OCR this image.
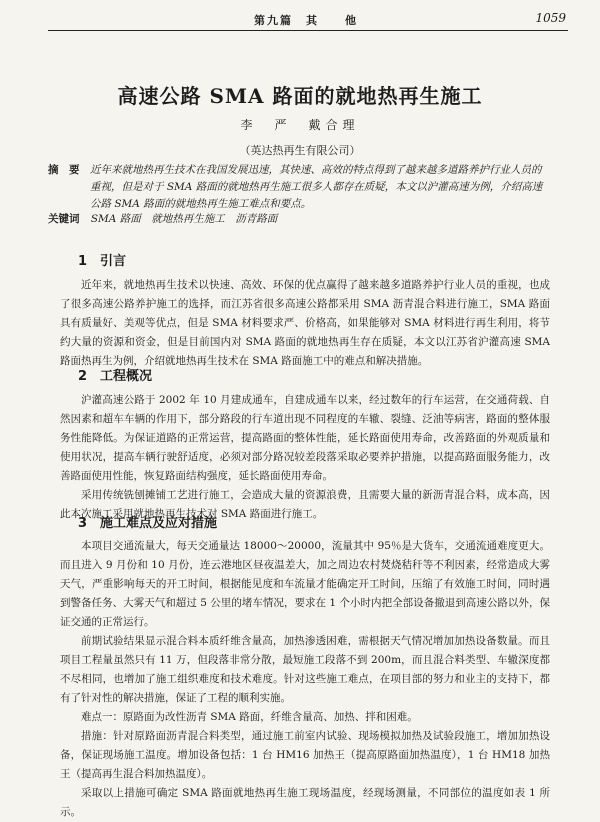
第九篇　其　　他	1059
高速公路 SMA 路面的就地热再生施工
李　严　戴合理
（英达热再生有限公司）
摘　要 近年来就地热再生技术在我国发展迅速，其快速、高效的特点得到了越来越多道路养护行业人员的重视，但是对于 SMA 路面的就地热再生施工很多人都存在质疑，本文以沪灌高速为例，介绍高速公路 SMA 路面的就地热再生施工难点和要点。
关键词 SMA 路面　就地热再生施工　沥青路面
1 引言
近年来，就地热再生技术以快速、高效、环保的优点赢得了越来越多道路养护行业人员的重视，也成了很多高速公路养护施工的选择，而江苏省很多高速公路都采用 SMA 沥青混合料进行施工，SMA 路面具有质量好、美观等优点，但是 SMA 材料要求严、价格高，如果能够对 SMA 材料进行再生利用，将节约大量的资源和资金，但是目前国内对 SMA 路面的就地热再生存在质疑，本文以江苏省沪灌高速 SMA 路面热再生为例，介绍就地热再生技术在 SMA 路面施工中的难点和解决措施。
2 工程概况
沪灌高速公路于 2002 年 10 月建成通车，自建成通车以来，经过数年的行车运营，在交通荷载、自然因素和超车车辆的作用下，部分路段的行车道出现不同程度的车辙、裂缝、泛油等病害，路面的整体服务性能降低。为保证道路的正常运营，提高路面的整体性能，延长路面使用寿命，改善路面的外观质量和使用状况，提高车辆行驶舒适度，必须对部分路况较差段落采取必要养护措施，以提高路面服务能力，改善路面使用性能，恢复路面结构强度，延长路面使用寿命。
采用传统铣刨摊铺工艺进行施工，会造成大量的资源浪费，且需要大量的新沥青混合料，成本高，因此本次施工采用就地热再生技术对 SMA 路面进行施工。
3 施工难点及应对措施
本项目交通流量大，每天交通量达 18000～20000，流量其中 95％是大货车，交通流通难度更大。而且进入 9 月份和 10 月份，连云港地区昼夜温差大，加之周边农村焚烧秸秆等不利因素，经常造成大雾天气，严重影响每天的开工时间，根据能见度和车流量才能确定开工时间，压缩了有效施工时间，同时遇到警备任务、大雾天气和超过 5 公里的堵车情况，要求在 1 个小时内把全部设备撤退到高速公路以外，保证交通的正常运行。
前期试验结果显示混合料本质纤维含量高，加热渗透困难，需根据天气情况增加加热设备数量。而且项目工程量虽然只有 11 万，但段落非常分散，最短施工段落不到 200m，而且混合料类型、车辙深度都不尽相同，也增加了施工组织难度和技术难度。针对这些施工难点，在项目部的努力和业主的支持下，都有了针对性的解决措施，保证了工程的顺利实施。
难点一：原路面为改性沥青 SMA 路面，纤维含量高、加热、拌和困难。
措施：针对原路面沥青混合料类型，通过施工前室内试验、现场模拟加热及试验段施工，增加加热设备，保证现场施工温度。增加设备包括：1 台 HM16 加热王（提高原路面加热温度），1 台 HM18 加热王（提高再生混合料加热温度）。
采取以上措施可确定 SMA 路面就地热再生施工现场温度，经现场测量，不同部位的温度如表 1 所示。
